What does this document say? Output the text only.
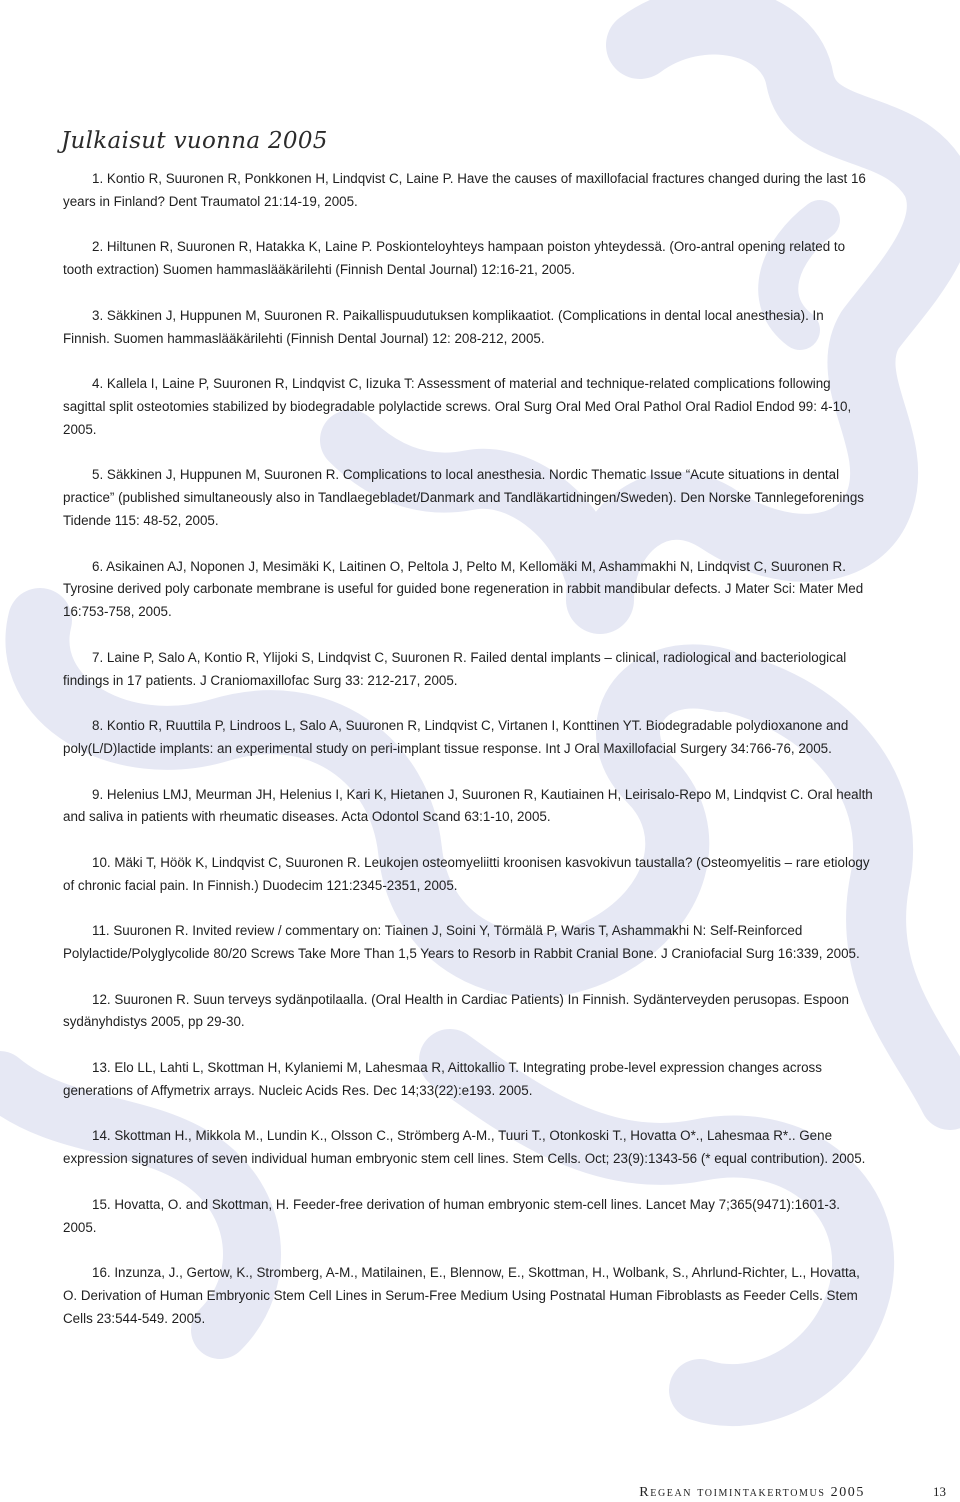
Julkaisut vuonna 2005
1. Kontio R, Suuronen R, Ponkkonen H, Lindqvist C, Laine P. Have the causes of maxillofacial fractures changed during the last 16 years in Finland? Dent Traumatol 21:14-19, 2005.
2. Hiltunen R, Suuronen R, Hatakka K, Laine P. Poskionteloyhteys hampaan poiston yhteydessä. (Oro-antral opening related to tooth extraction) Suomen hammaslääkärilehti (Finnish Dental Journal) 12:16-21, 2005.
3. Säkkinen J, Huppunen M, Suuronen R. Paikallispuudutuksen komplikaatiot. (Complications in dental local anesthesia). In Finnish. Suomen hammaslääkärilehti (Finnish Dental Journal) 12: 208-212, 2005.
4. Kallela I, Laine P, Suuronen R, Lindqvist C, Iizuka T: Assessment of material and technique-related complications following sagittal split osteotomies stabilized by biodegradable polylactide screws. Oral Surg Oral Med Oral Pathol Oral Radiol Endod 99: 4-10, 2005.
5. Säkkinen J, Huppunen M, Suuronen R. Complications to local anesthesia. Nordic Thematic Issue “Acute situations in dental practice” (published simultaneously also in Tandlaegebladet/Danmark and Tandläkartidningen/Sweden). Den Norske Tannlegeforenings Tidende 115: 48-52, 2005.
6. Asikainen AJ, Noponen J, Mesimäki K, Laitinen O, Peltola J, Pelto M, Kellomäki M, Ashammakhi N, Lindqvist C, Suuronen R. Tyrosine derived poly carbonate membrane is useful for guided bone regeneration in rabbit mandibular defects. J Mater Sci: Mater Med 16:753-758, 2005.
7. Laine P, Salo A, Kontio R, Ylijoki S, Lindqvist C, Suuronen R. Failed dental implants – clinical, radiological and bacteriological findings in 17 patients. J Craniomaxillofac Surg 33: 212-217, 2005.
8. Kontio R, Ruuttila P, Lindroos L, Salo A, Suuronen R, Lindqvist C, Virtanen I, Konttinen YT. Biodegradable polydioxanone and poly(L/D)lactide implants: an experimental study on peri-implant tissue response. Int J Oral Maxillofacial Surgery 34:766-76, 2005.
9. Helenius LMJ, Meurman JH, Helenius I, Kari K, Hietanen J, Suuronen R, Kautiainen H, Leirisalo-Repo M, Lindqvist C. Oral health and saliva in patients with rheumatic diseases. Acta Odontol Scand 63:1-10, 2005.
10. Mäki T, Höök K, Lindqvist C, Suuronen R. Leukojen osteomyeliitti kroonisen kasvokivun taustalla? (Osteomyelitis – rare etiology of chronic facial pain. In Finnish.) Duodecim 121:2345-2351, 2005.
11. Suuronen R. Invited review / commentary on: Tiainen J, Soini Y, Törmälä P, Waris T, Ashammakhi N: Self-Reinforced Polylactide/Polyglycolide 80/20 Screws Take More Than 1,5 Years to Resorb in Rabbit Cranial Bone. J Craniofacial Surg 16:339, 2005.
12. Suuronen R. Suun terveys sydänpotilaalla. (Oral Health in Cardiac Patients) In Finnish. Sydänterveyden perusopas. Espoon sydänyhdistys 2005, pp 29-30.
13. Elo LL, Lahti L, Skottman H, Kylaniemi M, Lahesmaa R, Aittokallio T. Integrating probe-level expression changes across generations of Affymetrix arrays. Nucleic Acids Res. Dec 14;33(22):e193. 2005.
14. Skottman H., Mikkola M., Lundin K., Olsson C., Strömberg A-M., Tuuri T., Otonkoski T., Hovatta O*., Lahesmaa R*.. Gene expression signatures of seven individual human embryonic stem cell lines. Stem Cells. Oct; 23(9):1343-56 (* equal contribution). 2005.
15. Hovatta, O. and Skottman, H. Feeder-free derivation of human embryonic stem-cell lines. Lancet May 7;365(9471):1601-3. 2005.
16. Inzunza, J., Gertow, K., Stromberg, A-M., Matilainen, E., Blennow, E., Skottman, H., Wolbank, S., Ahrlund-Richter, L., Hovatta, O. Derivation of Human Embryonic Stem Cell Lines in Serum-Free Medium Using Postnatal Human Fibroblasts as Feeder Cells. Stem Cells 23:544-549. 2005.
Regean toimintakertomus 2005	13
